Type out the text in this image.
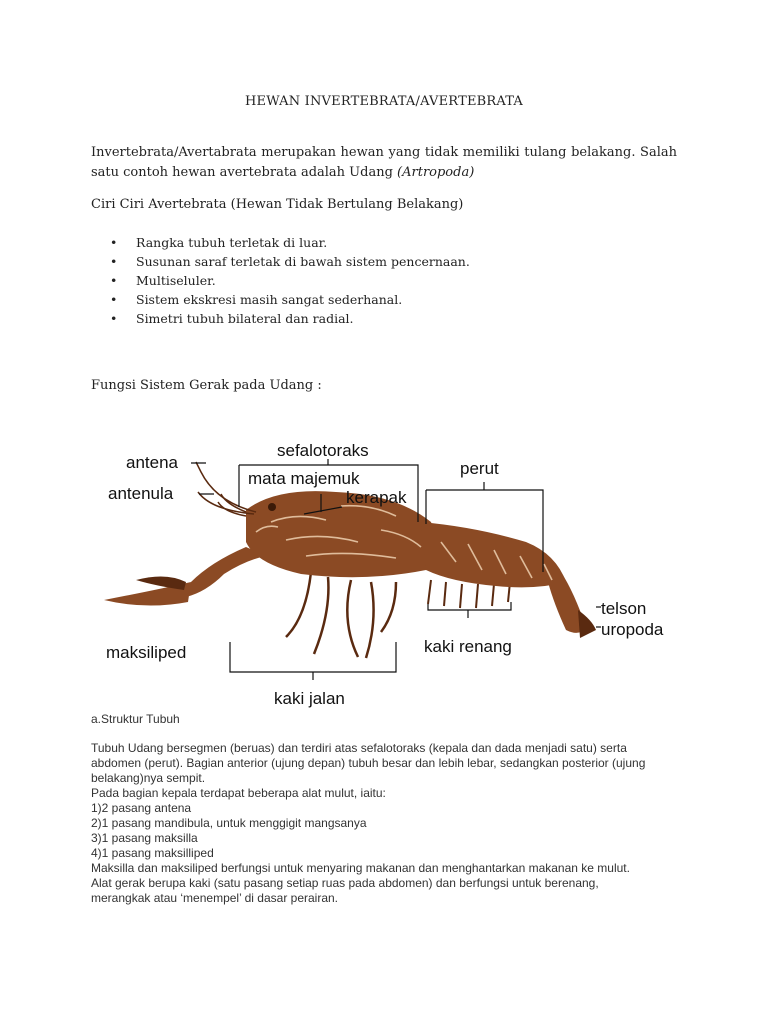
HEWAN INVERTEBRATA/AVERTEBRATA
Invertebrata/Avertabrata merupakan hewan yang tidak memiliki tulang belakang. Salah satu contoh hewan avertebrata adalah Udang (Artropoda)
Ciri Ciri Avertebrata (Hewan Tidak Bertulang Belakang)
• Rangka tubuh terletak di luar.
• Susunan saraf terletak di bawah sistem pencernaan.
• Multiseluler.
• Sistem ekskresi masih sangat sederhanal.
• Simetri tubuh bilateral dan radial.
Fungsi Sistem Gerak pada Udang :
sefalotoraks
antena
mata majemuk
perut
antenula	kerapak
telson
uropoda
maksiliped	kaki renang
kaki jalan
a.Struktur Tubuh

Tubuh Udang bersegmen (beruas) dan terdiri atas sefalotoraks (kepala dan dada menjadi satu) serta

abdomen (perut). Bagian anterior (ujung depan) tubuh besar dan lebih lebar, sedangkan posterior (ujung

belakang)nya sempit.

Pada bagian kepala terdapat beberapa alat mulut, iaitu:

1)2 pasang antena

2)1 pasang mandibula, untuk menggigit mangsanya

3)1 pasang maksilla

4)1 pasang maksilliped

Maksilla dan maksiliped berfungsi untuk menyaring makanan dan menghantarkan makanan ke mulut.

Alat gerak berupa kaki (satu pasang setiap ruas pada abdomen) dan berfungsi untuk berenang,

merangkak atau ‘menempel’ di dasar perairan.
